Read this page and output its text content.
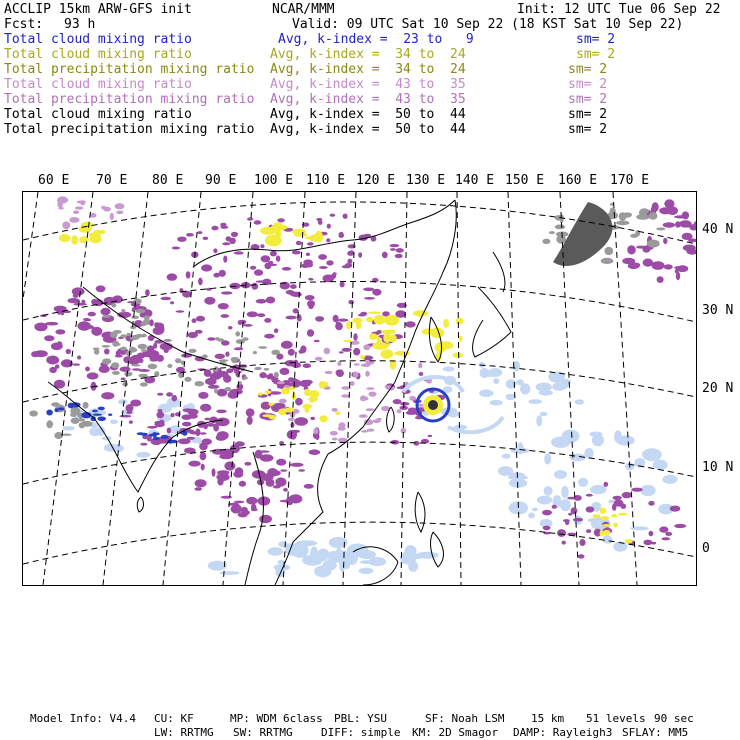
ACCLIP 15km ARW-GFS init	NCAR/MMM	Init: 12 UTC Tue 06 Sep 22
Fcst: 93 h	Valid: 09 UTC Sat 10 Sep 22 (18 KST Sat 10 Sep 22)
Total cloud mixing ratio	Avg, k-index =  23 to   9	sm= 2
Total cloud mixing ratio	Avg, k-index =  34 to  24	sm= 2
Total precipitation mixing ratio Avg, k-index =  34 to  24	sm= 2
Total cloud mixing ratio	Avg, k-index =  43 to  35	sm= 2
Total precipitation mixing ratio Avg, k-index =  43 to  35	sm= 2
Total cloud mixing ratio	Avg, k-index =  50 to  44	sm= 2
Total precipitation mixing ratio Avg, k-index =  50 to  44	sm= 2
60 E 70 E 80 E 90 E 100 E 110 E 120 E 130 E 140 E 150 E 160 E 170 E
40 N
30 N
20 N
10 N
0
Model Info: V4.4 CU: KF	MP: WDM 6class PBL: YSU	SF: Noah LSM 15 km 51 levels 90 sec
LW: RRTMG SW: RRTMG	DIFF: simple KM: 2D Smagor DAMP: Rayleigh3 SFLAY: MM5
